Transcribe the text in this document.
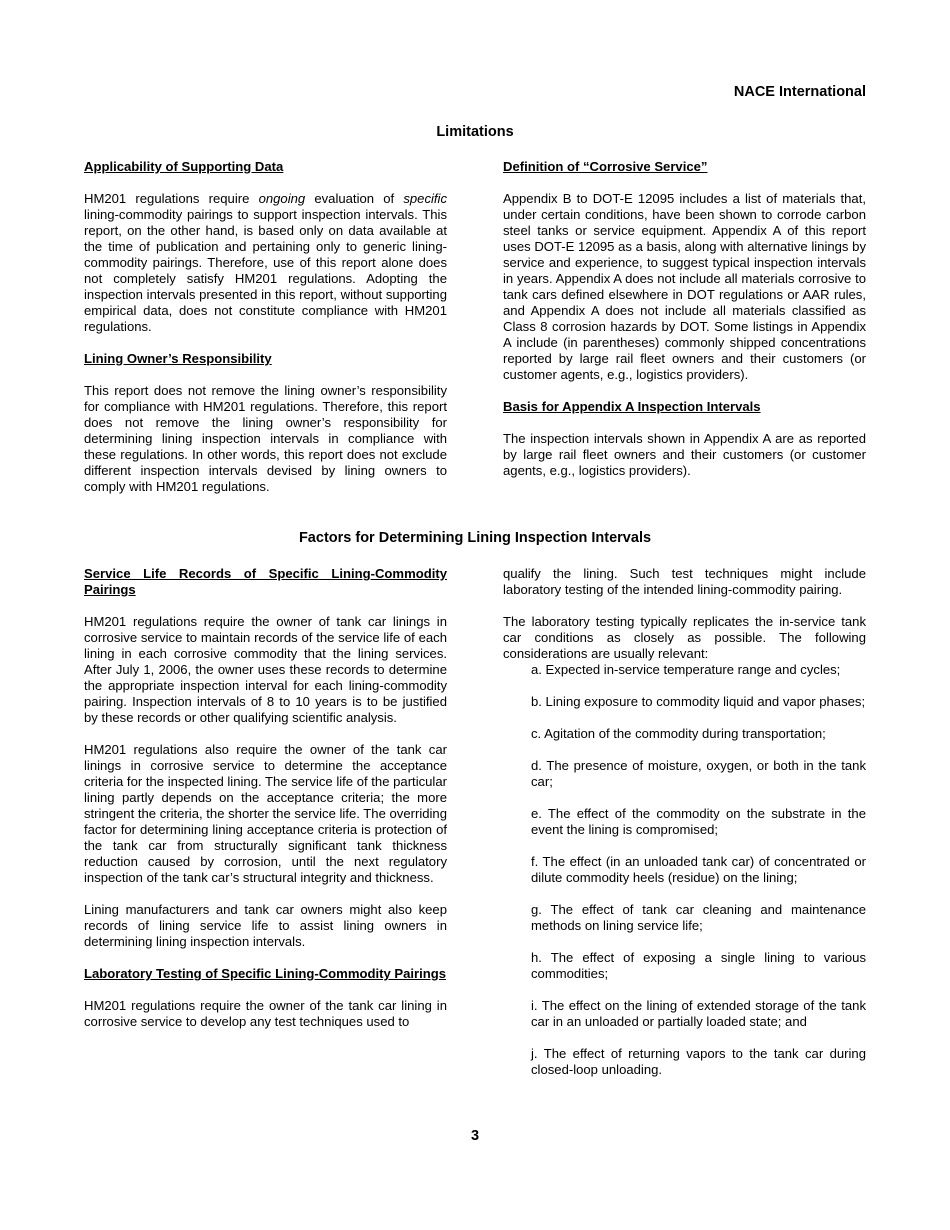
NACE International
Limitations

Applicability of Supporting Data

HM201 regulations require ongoing evaluation of specific lining-commodity pairings to support inspection intervals. This report, on the other hand, is based only on data available at the time of publication and pertaining only to generic lining-commodity pairings. Therefore, use of this report alone does not completely satisfy HM201 regulations. Adopting the inspection intervals presented in this report, without supporting empirical data, does not constitute compliance with HM201 regulations.

Lining Owner’s Responsibility

This report does not remove the lining owner’s responsibility for compliance with HM201 regulations. Therefore, this report does not remove the lining owner’s responsibility for determining lining inspection intervals in compliance with these regulations. In other words, this report does not exclude different inspection intervals devised by lining owners to comply with HM201 regulations.

Definition of “Corrosive Service”

Appendix B to DOT-E 12095 includes a list of materials that, under certain conditions, have been shown to corrode carbon steel tanks or service equipment. Appendix A of this report uses DOT-E 12095 as a basis, along with alternative linings by service and experience, to suggest typical inspection intervals in years. Appendix A does not include all materials corrosive to tank cars defined elsewhere in DOT regulations or AAR rules, and Appendix A does not include all materials classified as Class 8 corrosion hazards by DOT. Some listings in Appendix A include (in parentheses) commonly shipped concentrations reported by large rail fleet owners and their customers (or customer agents, e.g., logistics providers).

Basis for Appendix A Inspection Intervals

The inspection intervals shown in Appendix A are as reported by large rail fleet owners and their customers (or customer agents, e.g., logistics providers).

Factors for Determining Lining Inspection Intervals

Service Life Records of Specific Lining-Commodity Pairings

HM201 regulations require the owner of tank car linings in corrosive service to maintain records of the service life of each lining in each corrosive commodity that the lining services. After July 1, 2006, the owner uses these records to determine the appropriate inspection interval for each lining-commodity pairing. Inspection intervals of 8 to 10 years is to be justified by these records or other qualifying scientific analysis.

HM201 regulations also require the owner of the tank car linings in corrosive service to determine the acceptance criteria for the inspected lining. The service life of the particular lining partly depends on the acceptance criteria; the more stringent the criteria, the shorter the service life. The overriding factor for determining lining acceptance criteria is protection of the tank car from structurally significant tank thickness reduction caused by corrosion, until the next regulatory inspection of the tank car’s structural integrity and thickness.

Lining manufacturers and tank car owners might also keep records of lining service life to assist lining owners in determining lining inspection intervals.

Laboratory Testing of Specific Lining-Commodity Pairings

HM201 regulations require the owner of the tank car lining in corrosive service to develop any test techniques used to

qualify the lining. Such test techniques might include laboratory testing of the intended lining-commodity pairing.

The laboratory testing typically replicates the in-service tank car conditions as closely as possible. The following considerations are usually relevant:

a. Expected in-service temperature range and cycles;
b. Lining exposure to commodity liquid and vapor phases;
c. Agitation of the commodity during transportation;
d. The presence of moisture, oxygen, or both in the tank car;
e. The effect of the commodity on the substrate in the event the lining is compromised;
f. The effect (in an unloaded tank car) of concentrated or dilute commodity heels (residue) on the lining;
g. The effect of tank car cleaning and maintenance methods on lining service life;
h. The effect of exposing a single lining to various commodities;
i. The effect on the lining of extended storage of the tank car in an unloaded or partially loaded state; and
j. The effect of returning vapors to the tank car during closed-loop unloading.
3
